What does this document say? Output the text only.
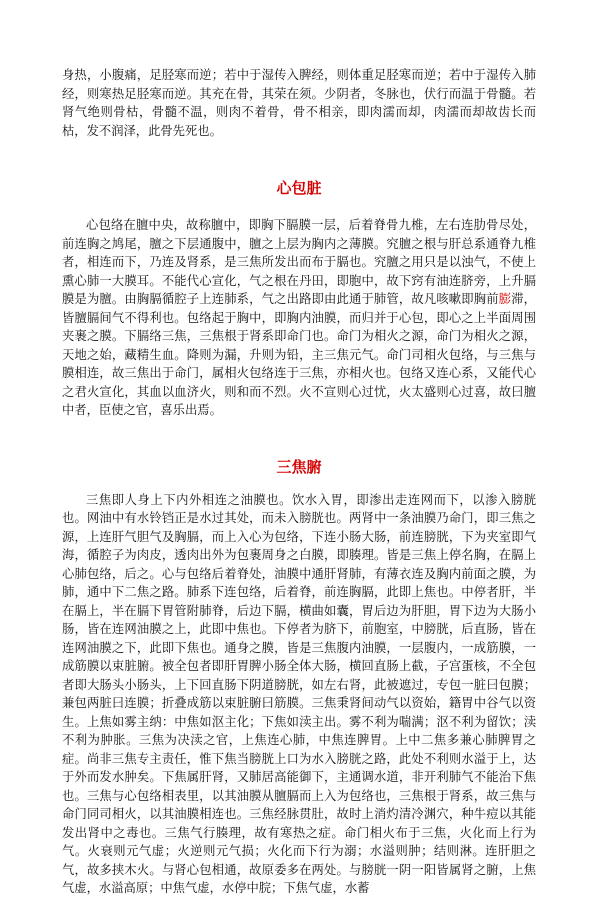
身热，小腹痛，足胫寒而逆；若中于湿传入脾经，则体重足胫寒而逆；若中于湿传入肺经，则寒热足胫寒而逆。其充在骨，其荣在须。少阴者，冬脉也，伏行而温于骨髓。若肾气绝则骨枯，骨髓不温，则肉不着骨，骨不相亲，即肉濡而却，肉濡而却故齿长而枯，发不润泽，此骨先死也。

心包脏

心包络在膻中央，故称膻中，即胸下膈膜一层，后着脊骨九椎，左右连肋骨尽处，前连胸之鸠尾，膻之下层通腹中，膻之上层为胸内之薄膜。究膻之根与肝总系通脊九椎者，相连而下，乃连及肾系，是三焦所发出而布于膈也。究膻之用只是以浊气，不使上熏心肺一大膜耳。不能代心宣化，气之根在丹田，即胞中，故下窍有油连脐旁，上升膈膜是为膻。由胸膈循腔子上连肺系，气之出路即由此通于肺管，故凡咳嗽即胸前膨滞，皆膻膈间气不得利也。包络起于胸中，即胸内油膜，而归并于心包，即心之上半面周围夹裹之膜。下膈络三焦，三焦根于肾系即命门也。命门为相火之源，命门为相火之源，天地之始，藏精生血。降则为漏，升则为铅，主三焦元气。命门司相火包络，与三焦与膜相连，故三焦出于命门，属相火包络连于三焦，亦相火也。包络又连心系，又能代心之君火宣化，其血以血济火，则和而不烈。火不宣则心过忧，火太盛则心过喜，故曰膻中者，臣使之官，喜乐出焉。

三焦腑

三焦即人身上下内外相连之油膜也。饮水入胃，即渗出走连网而下，以渗入膀胱也。网油中有水铃铛正是水过其处，而未入膀胱也。两肾中一条油膜乃命门，即三焦之源，上连肝气胆气及胸膈，而上入心为包络，下连小肠大肠，前连膀胱，下为夹室即气海，循腔子为肉皮，透肉出外为包裹周身之白膜，即腠理。皆是三焦上停名胸，在膈上心肺包络，后之。心与包络后着脊处，油膜中通肝肾肺，有薄衣连及胸内前面之膜，为肺，通中下二焦之路。肺系下连包络，后着脊，前连胸膈，此即上焦也。中停者肝，半在膈上，半在膈下胃管附肺脊，后边下膈，横曲如囊，胃后边为肝胆，胃下边为大肠小肠，皆在连网油膜之上，此即中焦也。下停者为脐下，前胞室，中膀胱，后直肠，皆在连网油膜之下，此即下焦也。通身之膜，皆是三焦腹内油膜，一层腹内，一成筋膜，一成筋膜以束脏腑。被全包者即肝胃脾小肠全体大肠，横回直肠上截，子宫蛋核，不全包者即大肠头小肠头，上下回直肠下阴道膀胱，如左右肾，此被遮过，专包一脏曰包膜；兼包两脏曰连膜；折叠成筋以束脏腑曰筋膜。三焦秉肾间动气以资始，籍胃中谷气以资生。上焦如雾主纳：中焦如沤主化；下焦如渎主出。雾不利为喘满；沤不利为留饮；渎不利为肿胀。三焦为决渎之官，上焦连心肺，中焦连脾胃。上中二焦多兼心肺脾胃之症。尚非三焦专主责任，惟下焦当膀胱上口为水入膀胱之路，此处不利则水溢于上，达于外而发水肿矣。下焦属肝肾，又肺居高能御下，主通调水道，非开利肺气不能治下焦也。三焦与心包络相表里，以其油膜从膻膈而上入为包络也，三焦根于肾系，故三焦与命门同司相火，以其油膜相连也。三焦经脉贯肚，故时上消灼清冷渊穴，种牛痘以其能发出肾中之毒也。三焦气行腠理，故有寒热之症。命门相火布于三焦，火化而上行为气。火衰则元气虚；火逆则元气损；火化而下行为溺；水溢则肿；结则淋。连肝胆之气，故多挟木火。与肾心包相通，故原委多在两处。与膀胱一阴一阳皆属肾之腑，上焦气虚，水溢高原；中焦气虚，水停中脘；下焦气虚，水蓄
